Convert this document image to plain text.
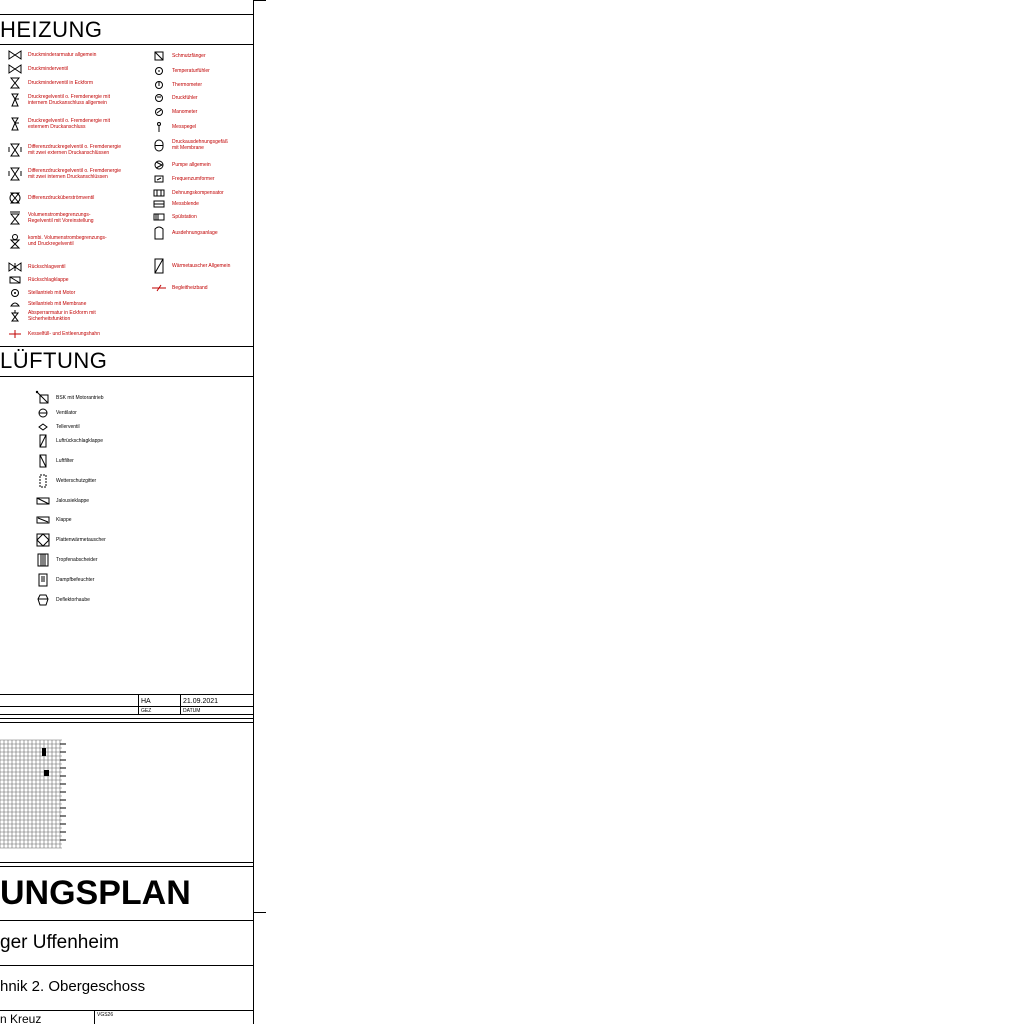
HEIZUNG
Druckminderarmatur allgemein
Druckminderventil
Druckminderventil in Eckform
Druckregelventil o. Fremdenergie mit
internem Druckanschluss allgemein
Druckregelventil o. Fremdenergie mit
externem Druckanschluss
Differenzdruckregelventil o. Fremdenergie
mit zwei externen Druckanschlüssen
Differenzdruckregelventil o. Fremdenergie
mit zwei internen Druckanschlüssen
Differenzdrucküberströmventil
Volumenstrombegrenzungs-
Regelventil mit Voreinstellung
kombi. Volumenstrombegrenzungs-
und Druckregelventil
Rückschlagventil
Rückschlagklappe
Stellantrieb mit Motor
Stellantrieb mit Membrane
Absperrarmatur in Eckform mit
Sicherheitsfunktion
Kesselfüll- und Entleerungshahn
Schmutzfänger
Temperaturfühler
Thermometer
Druckfühler
Manometer
Messpegel
Druckausdehnungsgefäß
mit Membrane
Pumpe allgemein
Frequenzumformer
Dehnungskompensator
Messblende
Spülstation
Ausdehnungsanlage
Wärmetauscher Allgemein
Begleitheizband
LÜFTUNG
BSK mit Motorantrieb
Ventilator
Tellerventil
Luftrückschlagklappe
Luftfilter
Wetterschutzgitter
Jalousieklappe
Klappe
Plattenwärmetauscher
Tropfenabscheider
Dampfbefeuchter
Deflektorhaube
HA	21.09.2021
GEZ	DATUM
UNGSPLAN
ger Uffenheim
hnik 2. Obergeschoss
n Kreuz	VGS26
